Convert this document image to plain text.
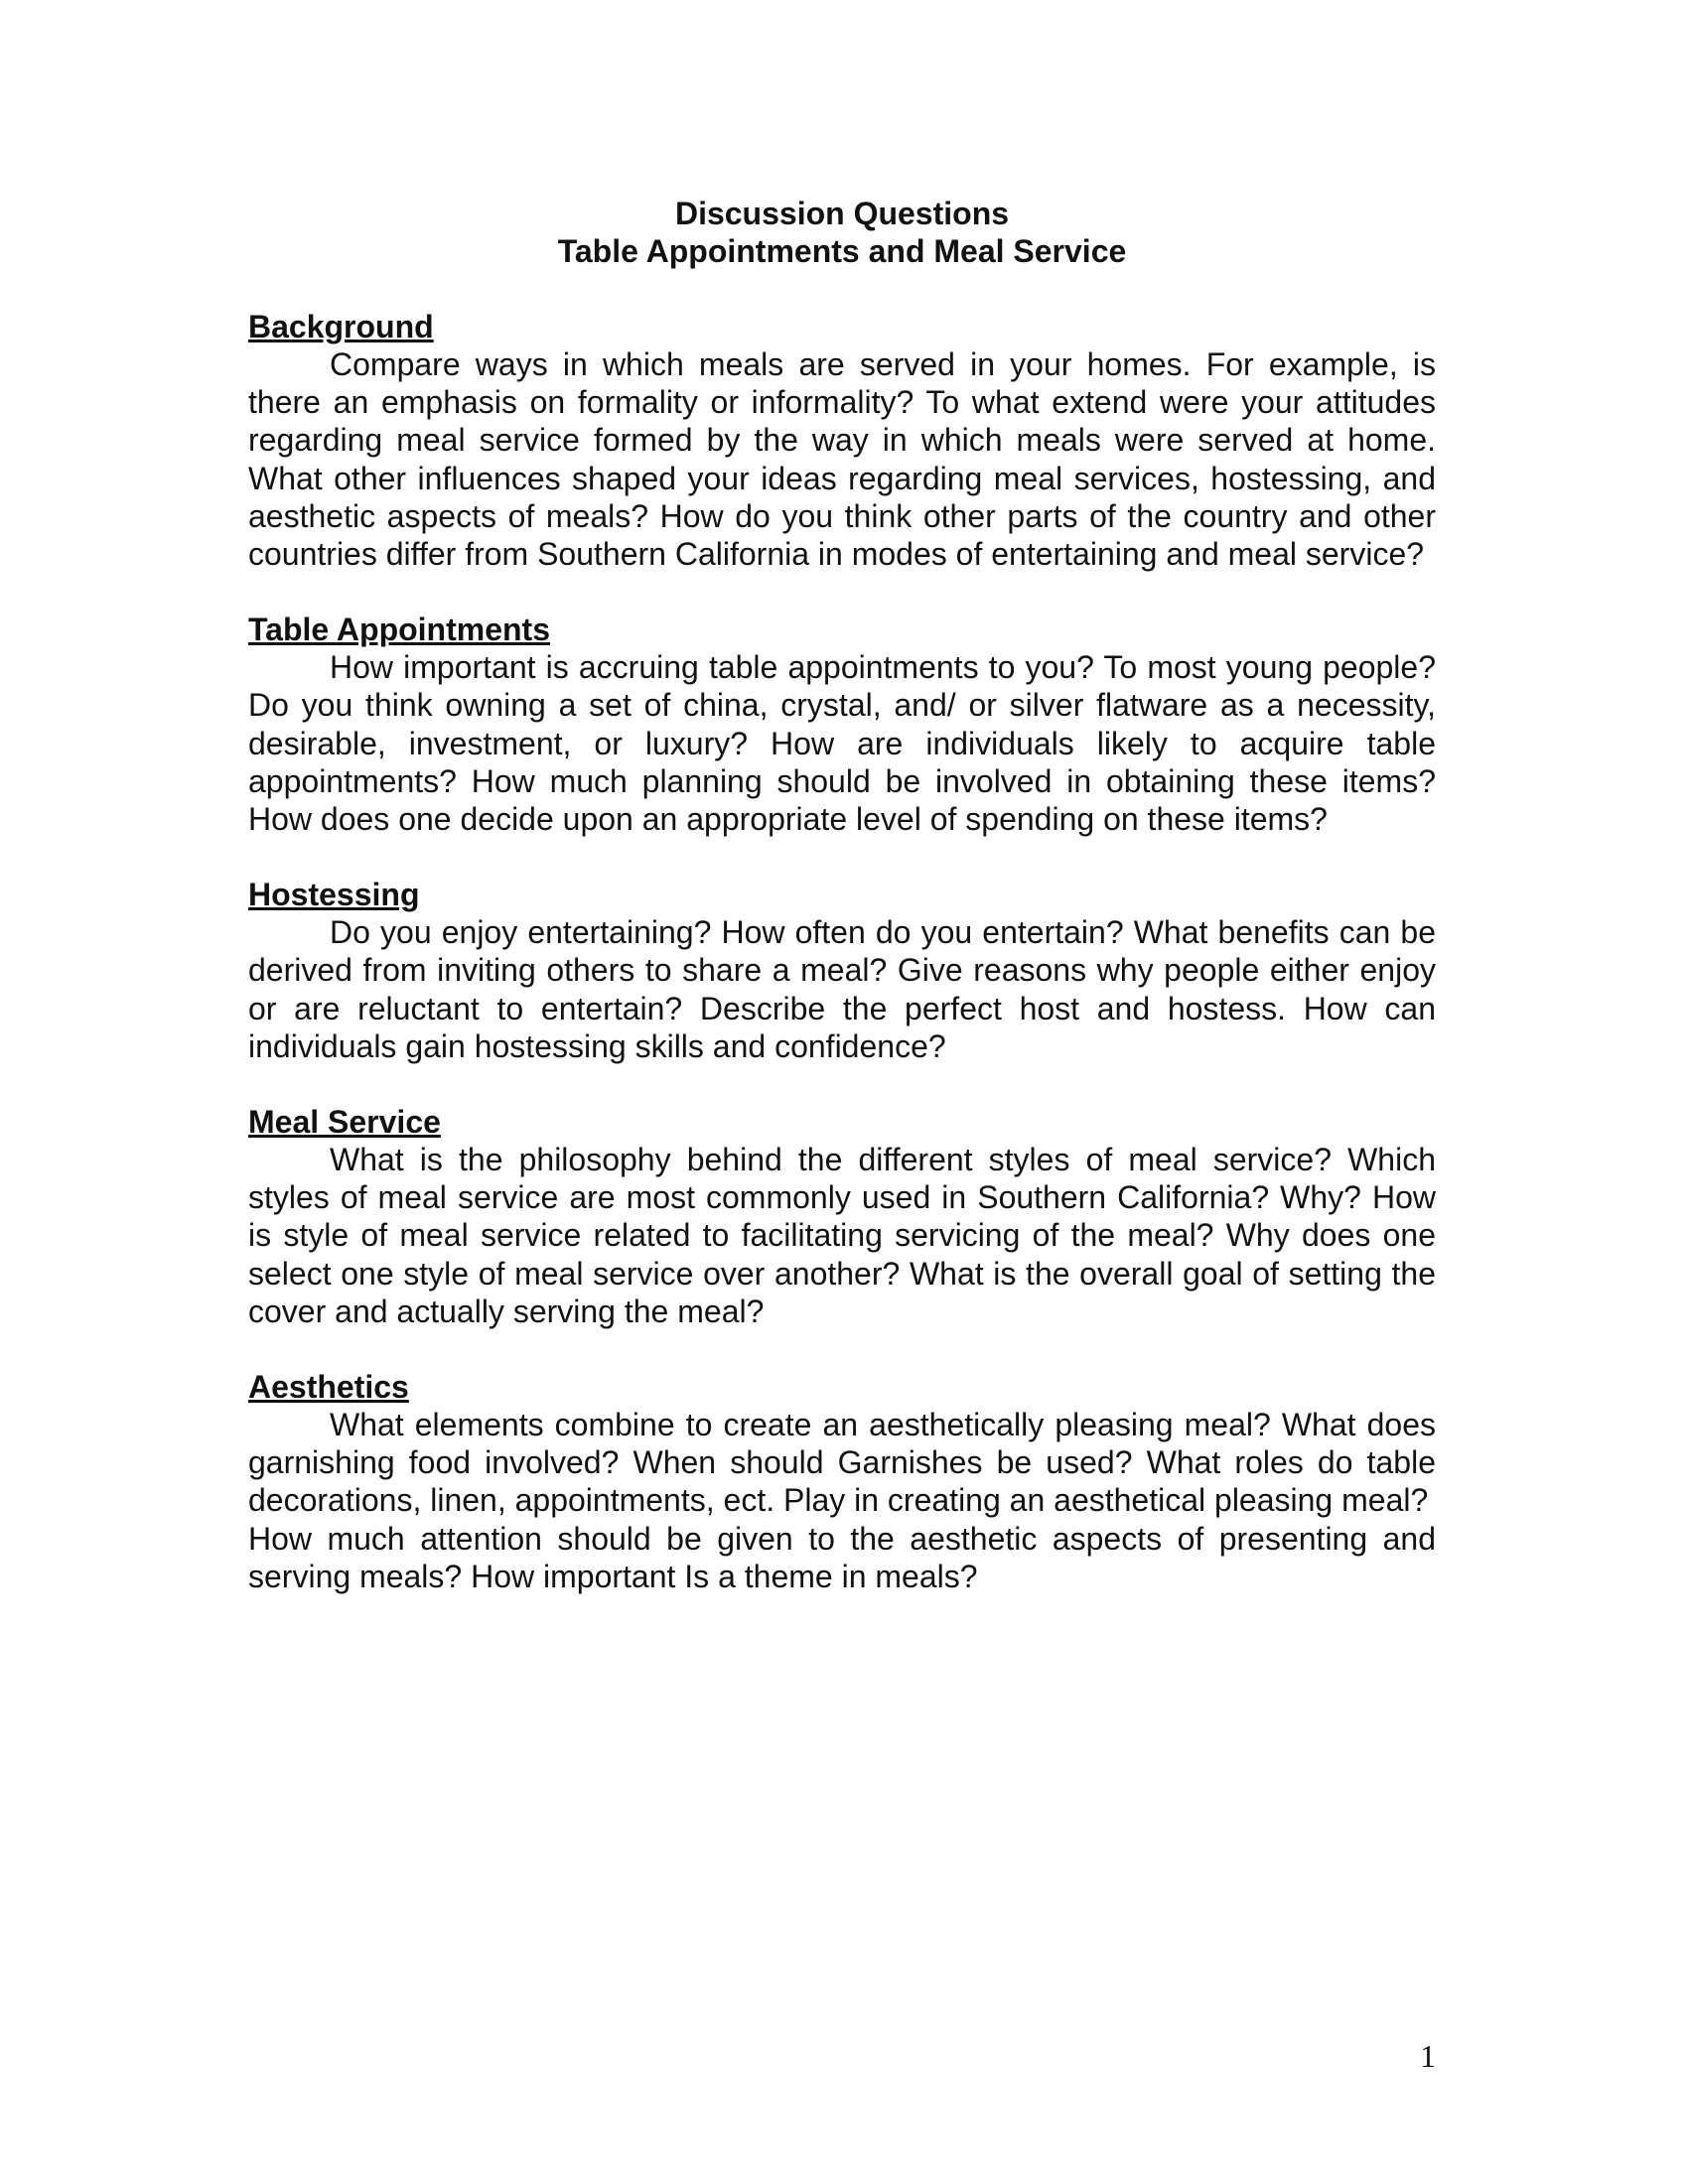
Discussion Questions
Table Appointments and Meal Service

Background

Compare ways in which meals are served in your homes. For example, is there an emphasis on formality or informality? To what extend were your attitudes regarding meal service formed by the way in which meals were served at home. What other influences shaped your ideas regarding meal services, hostessing, and aesthetic aspects of meals? How do you think other parts of the country and other countries differ from Southern California in modes of entertaining and meal service?

Table Appointments

How important is accruing table appointments to you? To most young people? Do you think owning a set of china, crystal, and/ or silver flatware as a necessity, desirable, investment, or luxury? How are individuals likely to acquire table appointments? How much planning should be involved in obtaining these items? How does one decide upon an appropriate level of spending on these items?

Hostessing

Do you enjoy entertaining? How often do you entertain? What benefits can be derived from inviting others to share a meal? Give reasons why people either enjoy or are reluctant to entertain? Describe the perfect host and hostess. How can individuals gain hostessing skills and confidence?

Meal Service

What is the philosophy behind the different styles of meal service? Which styles of meal service are most commonly used in Southern California? Why? How is style of meal service related to facilitating servicing of the meal? Why does one select one style of meal service over another? What is the overall goal of setting the cover and actually serving the meal?

Aesthetics

What elements combine to create an aesthetically pleasing meal? What does garnishing food involved? When should Garnishes be used? What roles do table decorations, linen, appointments, ect. Play in creating an aesthetical pleasing meal?

How much attention should be given to the aesthetic aspects of presenting and serving meals? How important Is a theme in meals?

1
